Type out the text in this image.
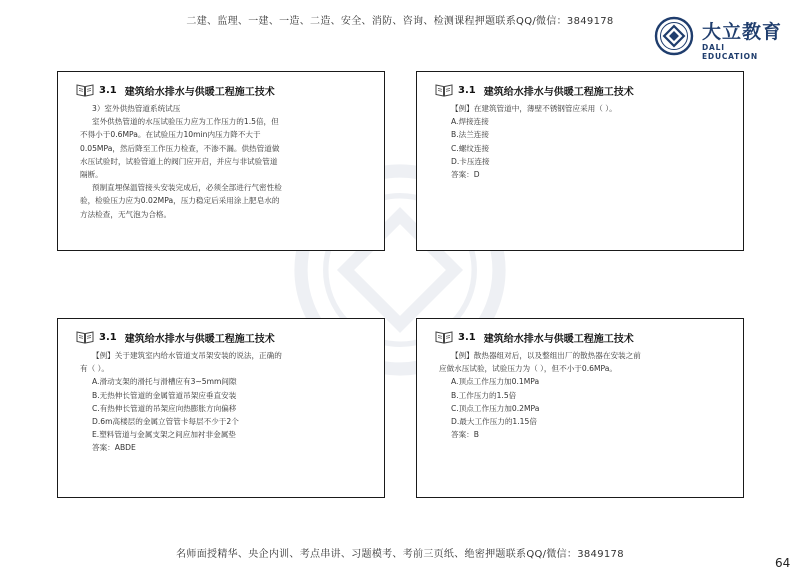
二建、监理、一建、一造、二造、安全、消防、咨询、检测课程押题联系QQ/微信：3849178	大立教育
DALI EDUCATION
3.1 建筑给水排水与供暖工程施工技术
3）室外供热管道系统试压
室外供热管道的水压试验压力应为工作压力的1.5倍，但
不得小于0.6MPa。在试验压力10min内压力降不大于
0.05MPa，然后降至工作压力检查，不渗不漏。供热管道做
水压试验时，试验管道上的阀门应开启，并应与非试验管道
隔断。
预制直埋保温管接头安装完成后，必须全部进行气密性检
验，检验压力应为0.02MPa，压力稳定后采用涂上肥皂水的
方法检查，无气泡为合格。
3.1 建筑给水排水与供暖工程施工技术
【例】在建筑管道中，薄壁不锈钢管应采用（ ）。
A.焊接连接
B.法兰连接
C.螺纹连接
D.卡压连接
答案：D
3.1 建筑给水排水与供暖工程施工技术
【例】关于建筑室内给水管道支吊架安装的说法，正确的
有（ ）。
A.滑动支架的滑托与滑槽应有3~5mm间隙
B.无热伸长管道的金属管道吊架应垂直安装
C.有热伸长管道的吊架应向热膨胀方向偏移
D.6m高楼层的金属立管管卡每层不少于2个
E.塑料管道与金属支架之间应加衬非金属垫
答案：ABDE
3.1 建筑给水排水与供暖工程施工技术
【例】散热器组对后，以及整组出厂的散热器在安装之前
应做水压试验，试验压力为（ ），但不小于0.6MPa。
A.顶点工作压力加0.1MPa
B.工作压力的1.5倍
C.顶点工作压力加0.2MPa
D.最大工作压力的1.15倍
答案：B
名师面授精华、央企内训、考点串讲、习题模考、考前三页纸、绝密押题联系QQ/微信：3849178
64
